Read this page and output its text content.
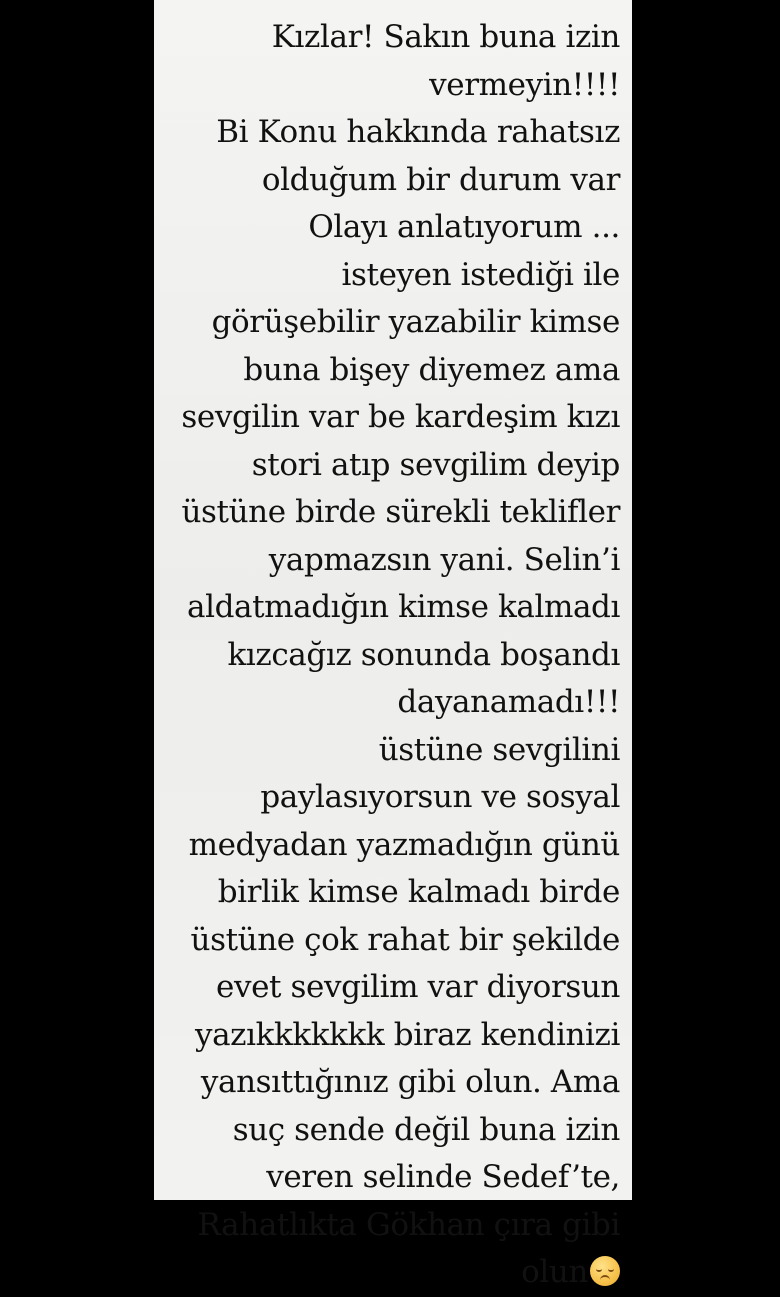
Kızlar! Sakın buna izin
vermeyin!!!!
Bi Konu hakkında rahatsız
olduğum bir durum var
Olayı anlatıyorum ...
isteyen istediği ile
görüşebilir yazabilir kimse
buna bişey diyemez ama
sevgilin var be kardeşim kızı
stori atıp sevgilim deyip
üstüne birde sürekli teklifler
yapmazsın yani. Selin’i
aldatmadığın kimse kalmadı
kızcağız sonunda boşandı
dayanamadı!!!
üstüne sevgilini
paylasıyorsun ve sosyal
medyadan yazmadığın günü
birlik kimse kalmadı birde
üstüne çok rahat bir şekilde
evet sevgilim var diyorsun
yazıkkkkkkk biraz kendinizi
yansıttığınız gibi olun. Ama
suç sende değil buna izin
veren selinde Sedef’te,
Rahatlıkta Gökhan çıra gibi
olun
